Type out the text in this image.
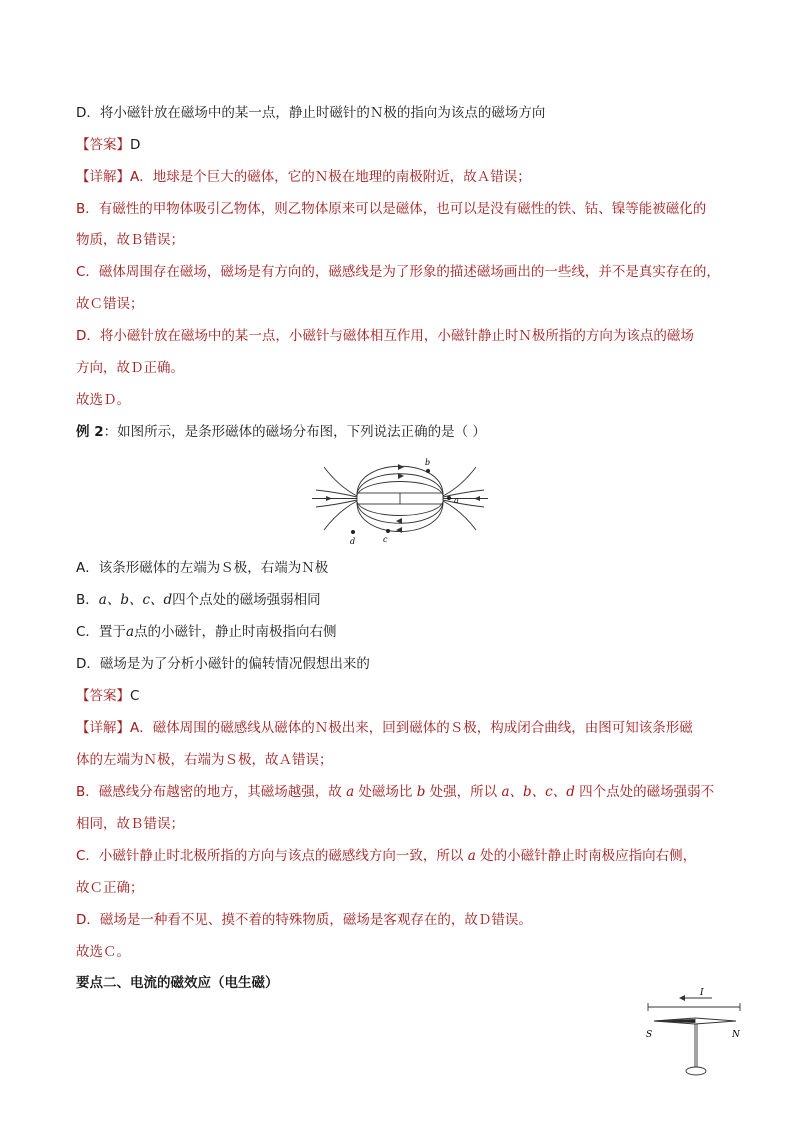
D．将小磁针放在磁场中的某一点，静止时磁针的Ｎ极的指向为该点的磁场方向
【答案】D
【详解】A．地球是个巨大的磁体，它的Ｎ极在地理的南极附近，故Ａ错误；
B．有磁性的甲物体吸引乙物体，则乙物体原来可以是磁体，也可以是没有磁性的铁、钴、镍等能被磁化的
物质，故Ｂ错误；
C．磁体周围存在磁场，磁场是有方向的，磁感线是为了形象的描述磁场画出的一些线，并不是真实存在的，
故Ｃ错误；
D．将小磁针放在磁场中的某一点，小磁针与磁体相互作用，小磁针静止时Ｎ极所指的方向为该点的磁场
方向，故Ｄ正确。
故选Ｄ。
例 2：如图所示，是条形磁体的磁场分布图，下列说法正确的是（ ）
b
a
c
d
A．该条形磁体的左端为Ｓ极，右端为Ｎ极
B．a、b、c、d四个点处的磁场强弱相同
C．置于a点的小磁针，静止时南极指向右侧
D．磁场是为了分析小磁针的偏转情况假想出来的
【答案】C
【详解】A．磁体周围的磁感线从磁体的Ｎ极出来，回到磁体的Ｓ极，构成闭合曲线，由图可知该条形磁
体的左端为Ｎ极，右端为Ｓ极，故Ａ错误；
B．磁感线分布越密的地方，其磁场越强，故 a 处磁场比 b 处强，所以 a、b、c、d 四个点处的磁场强弱不
相同，故Ｂ错误；
C．小磁针静止时北极所指的方向与该点的磁感线方向一致，所以 a 处的小磁针静止时南极应指向右侧，
故Ｃ正确；
D．磁场是一种看不见、摸不着的特殊物质，磁场是客观存在的，故Ｄ错误。
故选Ｃ。
要点二、电流的磁效应（电生磁）
I
S	N
